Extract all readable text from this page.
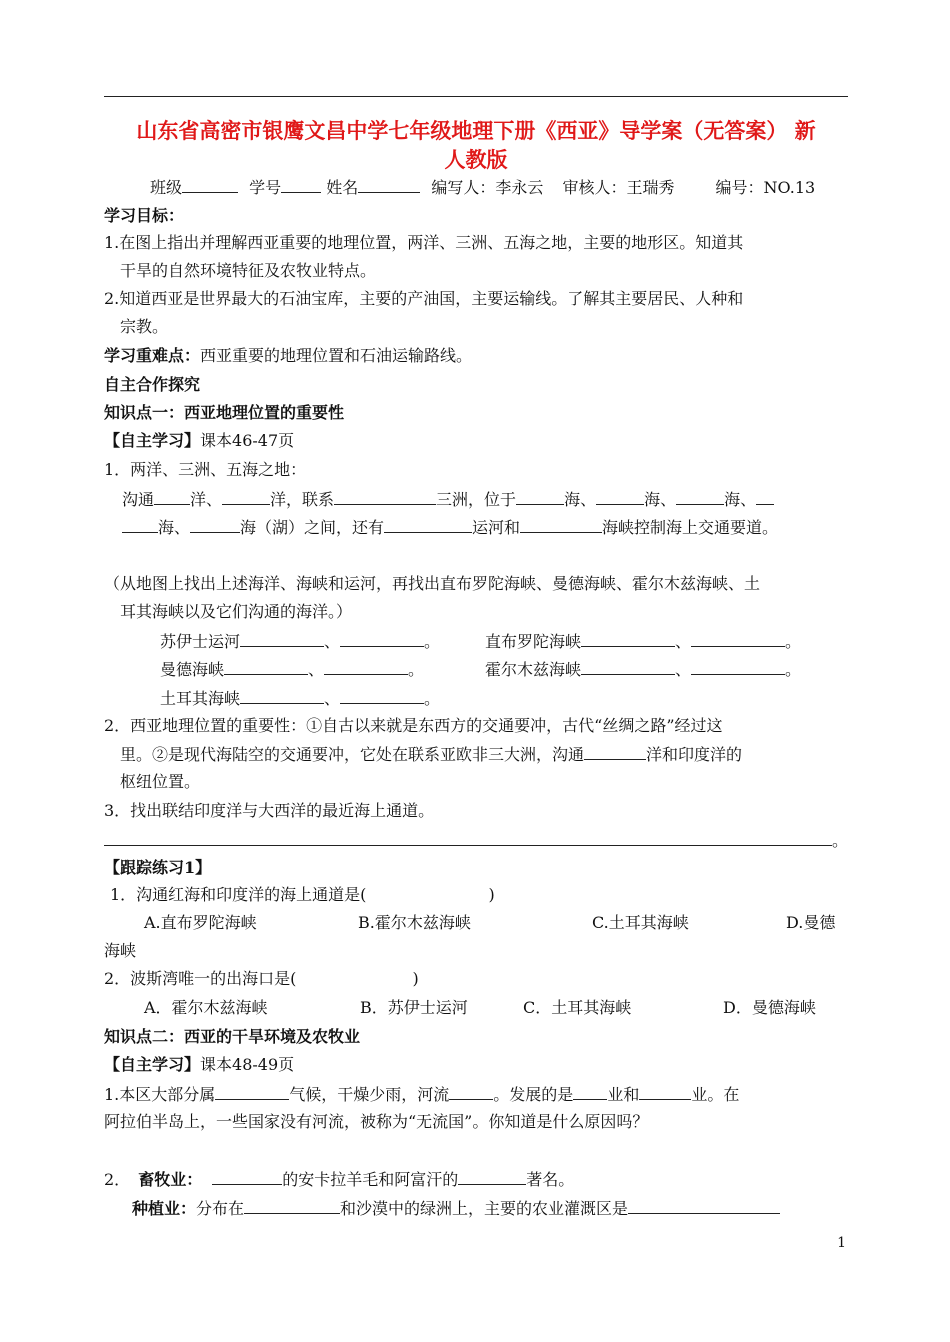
山东省高密市银鹰文昌中学七年级地理下册《西亚》导学案（无答案） 新
人教版
班级	学号	姓名	编写人：李永云 审核人：王瑞秀	编号：NO.13
学习目标：
1.在图上指出并理解西亚重要的地理位置，两洋、三洲、五海之地，主要的地形区。知道其
干旱的自然环境特征及农牧业特点。
2.知道西亚是世界最大的石油宝库，主要的产油国，主要运输线。了解其主要居民、人种和
宗教。
学习重难点：西亚重要的地理位置和石油运输路线。
自主合作探究
知识点一：西亚地理位置的重要性
【自主学习】课本46-47页
1．两洋、三洲、五海之地：
沟通 洋、	洋，联系	三洲，位于	海、	海、	海、
海、	海（湖）之间，还有	运河和	海峡控制海上交通要道。
（从地图上找出上述海洋、海峡和运河，再找出直布罗陀海峡、曼德海峡、霍尔木兹海峡、土
耳其海峡以及它们沟通的海洋。）
苏伊士运河	、	。	直布罗陀海峡	、	。
曼德海峡	、	。	霍尔木兹海峡	、	。
土耳其海峡	、	。
2．西亚地理位置的重要性：①自古以来就是东西方的交通要冲，古代“丝绸之路”经过这
里。②是现代海陆空的交通要冲，它处在联系亚欧非三大洲，沟通	洋和印度洋的
枢纽位置。
3．找出联结印度洋与大西洋的最近海上通道。
。
【跟踪练习1】
1．沟通红海和印度洋的海上通道是(	)
A.直布罗陀海峡	B.霍尔木兹海峡	C.土耳其海峡	D.曼德
海峡
2．波斯湾唯一的出海口是(	)
A．霍尔木兹海峡	B．苏伊士运河	C．土耳其海峡	D．曼德海峡
知识点二：西亚的干旱环境及农牧业
【自主学习】课本48-49页
1.本区大部分属	气候，干燥少雨，河流	。发展的是 业和	业。在
阿拉伯半岛上，一些国家没有河流，被称为“无流国”。你知道是什么原因吗？
2． 畜牧业：	的安卡拉羊毛和阿富汗的	著名。
种植业：分布在	和沙漠中的绿洲上，主要的农业灌溉区是
1
